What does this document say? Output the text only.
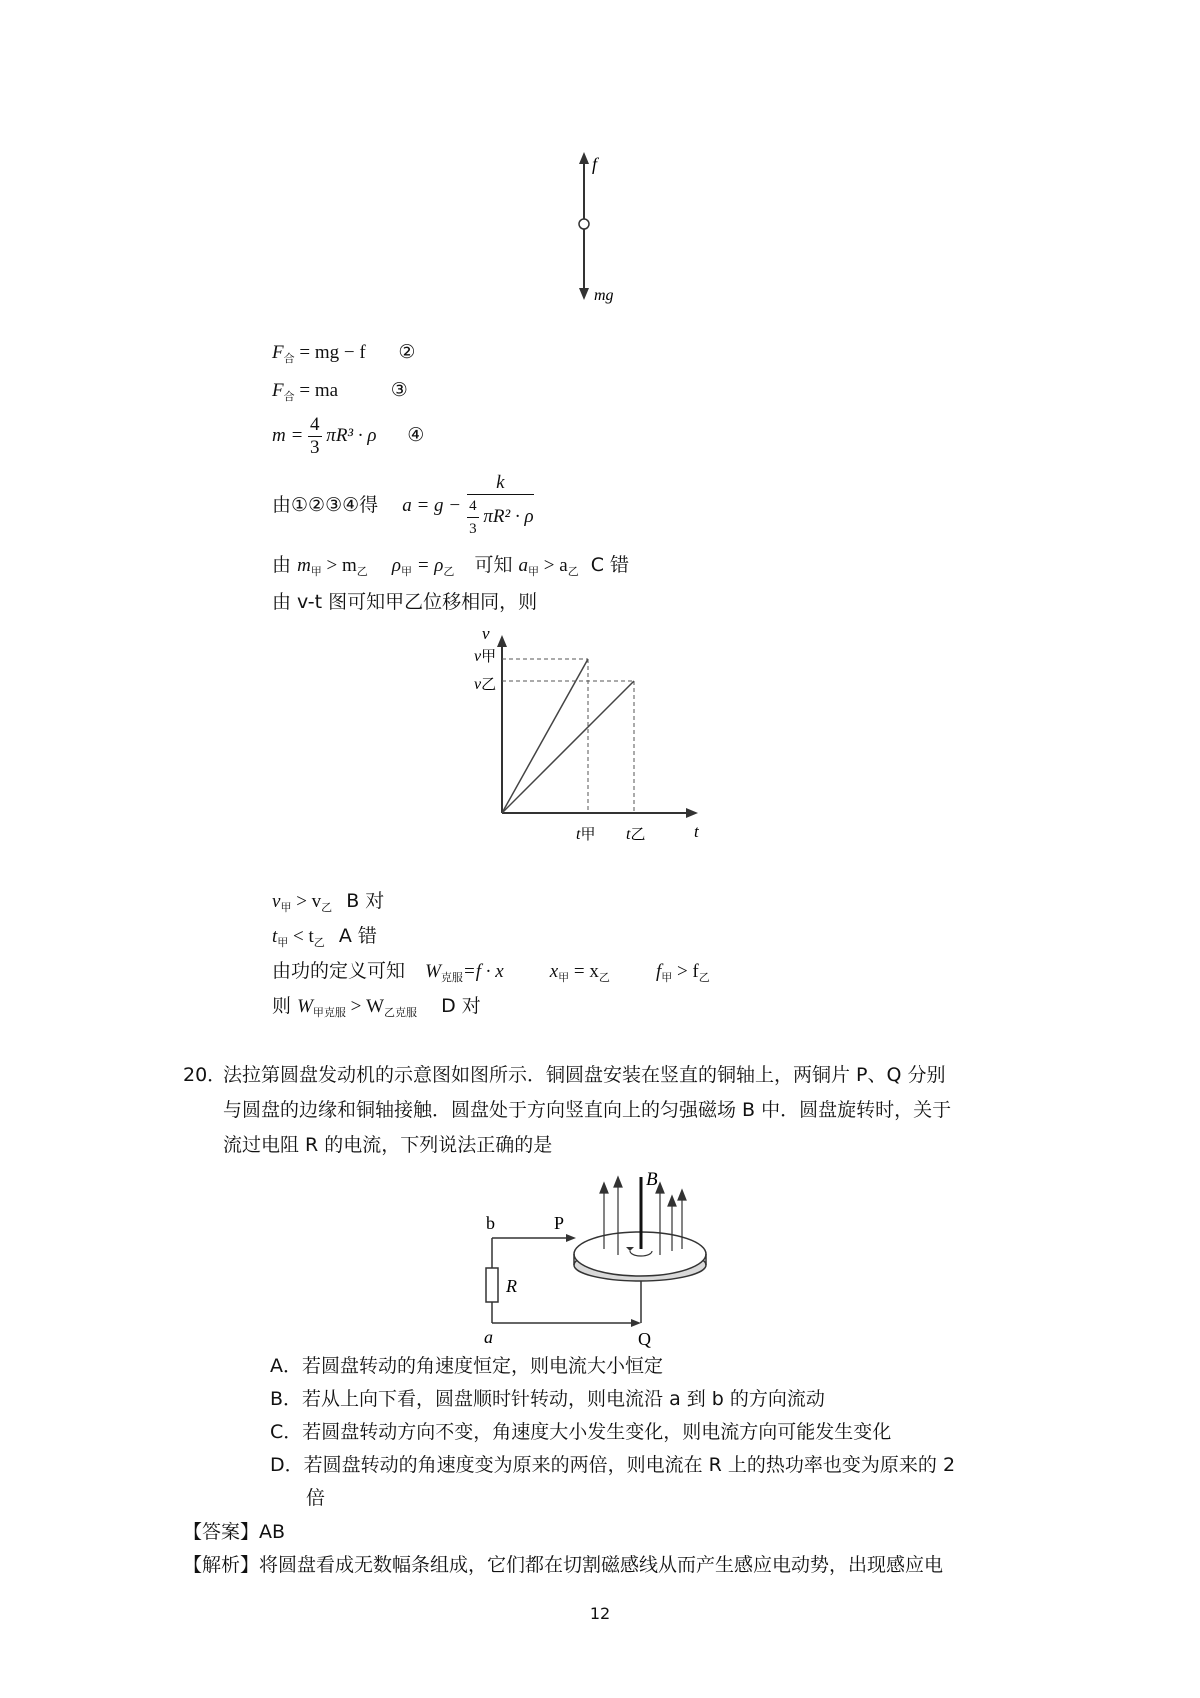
f
mg
$F_合$ = mg − f ②
$F_合$ = ma	③
$m = \frac{4}{3} \pi R^3 \cdot \rho$ ④
由①②③④得 $a = g - \frac{k}{\frac{4}{3} \pi R^2 \cdot \rho}$
由 $m_甲 > m_乙$ $\rho_甲 = \rho_乙$ 可知 $a_甲 > a_乙$ C 错
由 v-t 图可知甲乙位移相同，则
v
t
v甲
v乙
t甲 t乙
$v_甲 > v_乙$ B 对
$t_甲 < t_乙$ A 错
由功的定义可知 $W_{克服}=f \cdot x$ $x_甲 = x_乙$ $f_甲 > f_乙$
则 $W_{甲克服} > W_{乙克服}$ D 对
20．
法拉第圆盘发动机的示意图如图所示．铜圆盘安装在竖直的铜轴上，两铜片 P、Q 分别
与圆盘的边缘和铜轴接触．圆盘处于方向竖直向上的匀强磁场 B 中．圆盘旋转时，关于
流过电阻 R 的电流，下列说法正确的是
B
P
Q
b
a
R
A．若圆盘转动的角速度恒定，则电流大小恒定
B．若从上向下看，圆盘顺时针转动，则电流沿 a 到 b 的方向流动
C．若圆盘转动方向不变，角速度大小发生变化，则电流方向可能发生变化
D．若圆盘转动的角速度变为原来的两倍，则电流在 R 上的热功率也变为原来的 2
倍
【答案】AB
【解析】将圆盘看成无数幅条组成，它们都在切割磁感线从而产生感应电动势，出现感应电
12
